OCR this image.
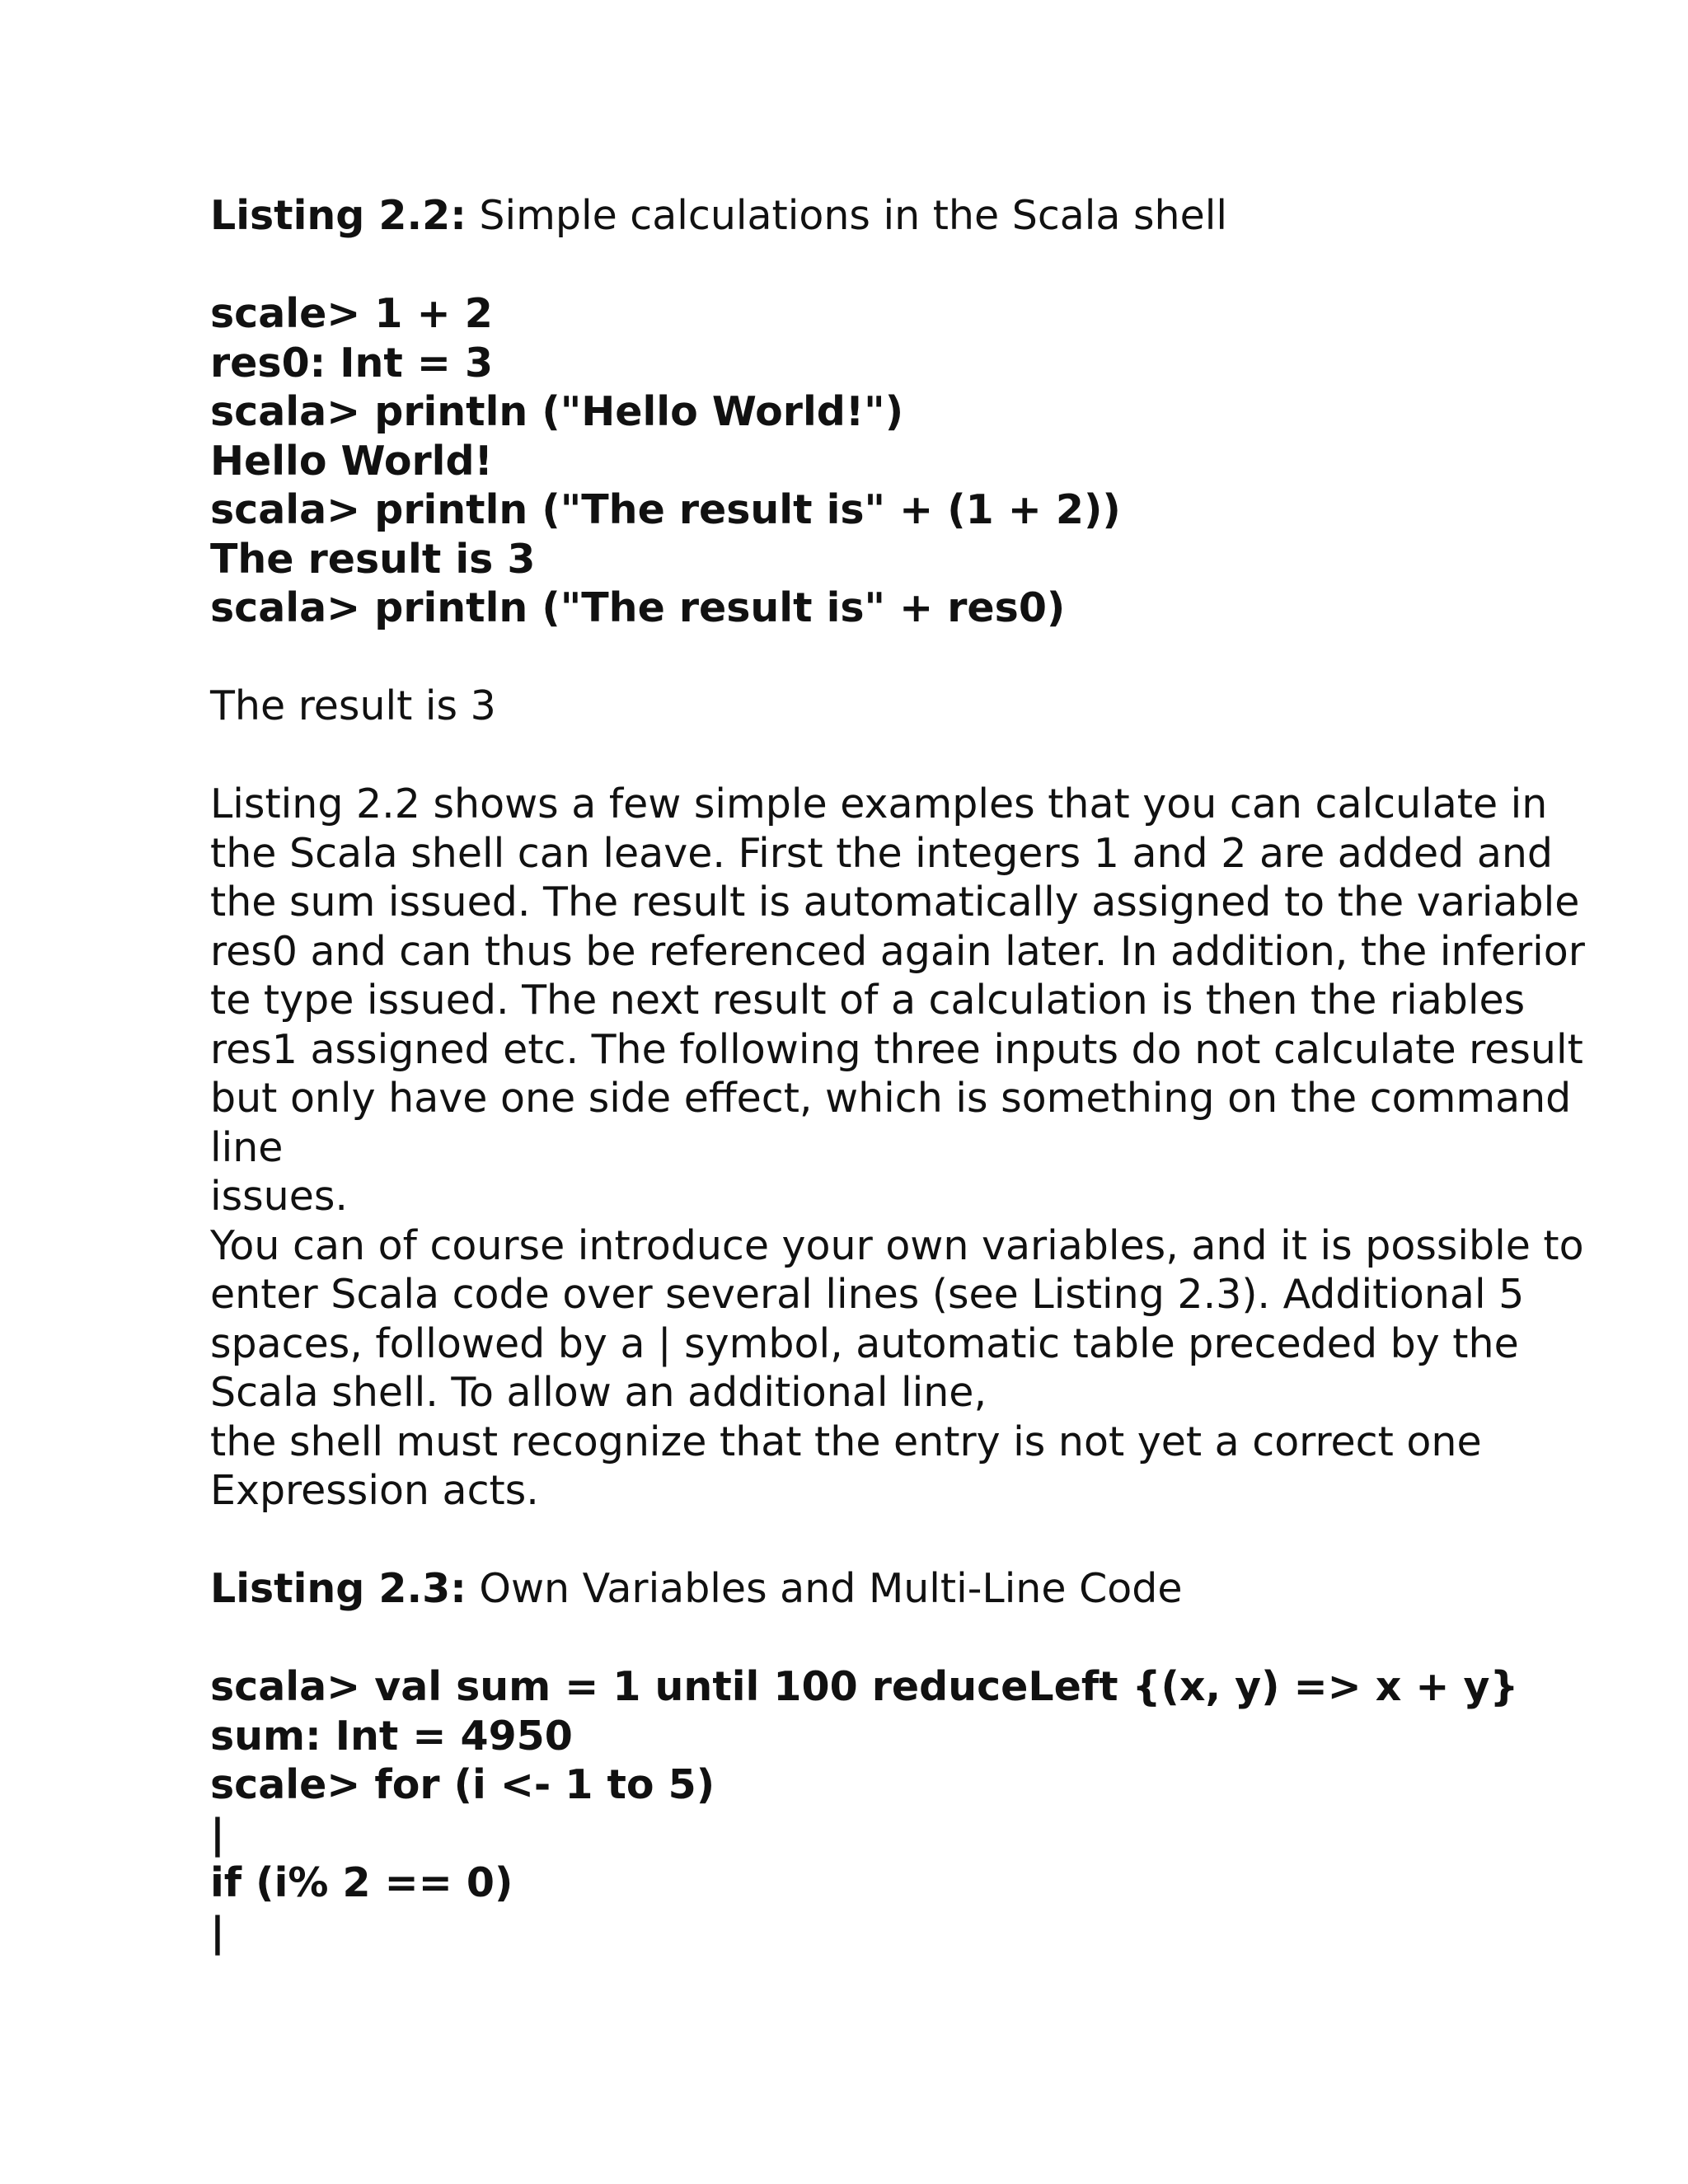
Listing 2.2: Simple calculations in the Scala shell
scale> 1 + 2
res0: Int = 3
scala> println ("Hello World!")
Hello World!
scala> println ("The result is" + (1 + 2))
The result is 3
scala> println ("The result is" + res0)
The result is 3
Listing 2.2 shows a few simple examples that you can calculate in
the Scala shell can leave. First the integers 1 and 2 are added and
the sum issued. The result is automatically assigned to the variable
res0 and can thus be referenced again later. In addition, the inferior
te type issued. The next result of a calculation is then the riables
res1 assigned etc. The following three inputs do not calculate result
but only have one side effect, which is something on the command
line
issues.
You can of course introduce your own variables, and it is possible to
enter Scala code over several lines (see Listing 2.3). Additional 5
spaces, followed by a | symbol, automatic table preceded by the
Scala shell. To allow an additional line,
the shell must recognize that the entry is not yet a correct one
Expression acts.
Listing 2.3: Own Variables and Multi-Line Code
scala> val sum = 1 until 100 reduceLeft {(x, y) => x + y}
sum: Int = 4950
scale> for (i <- 1 to 5)
|
if (i% 2 == 0)
|
